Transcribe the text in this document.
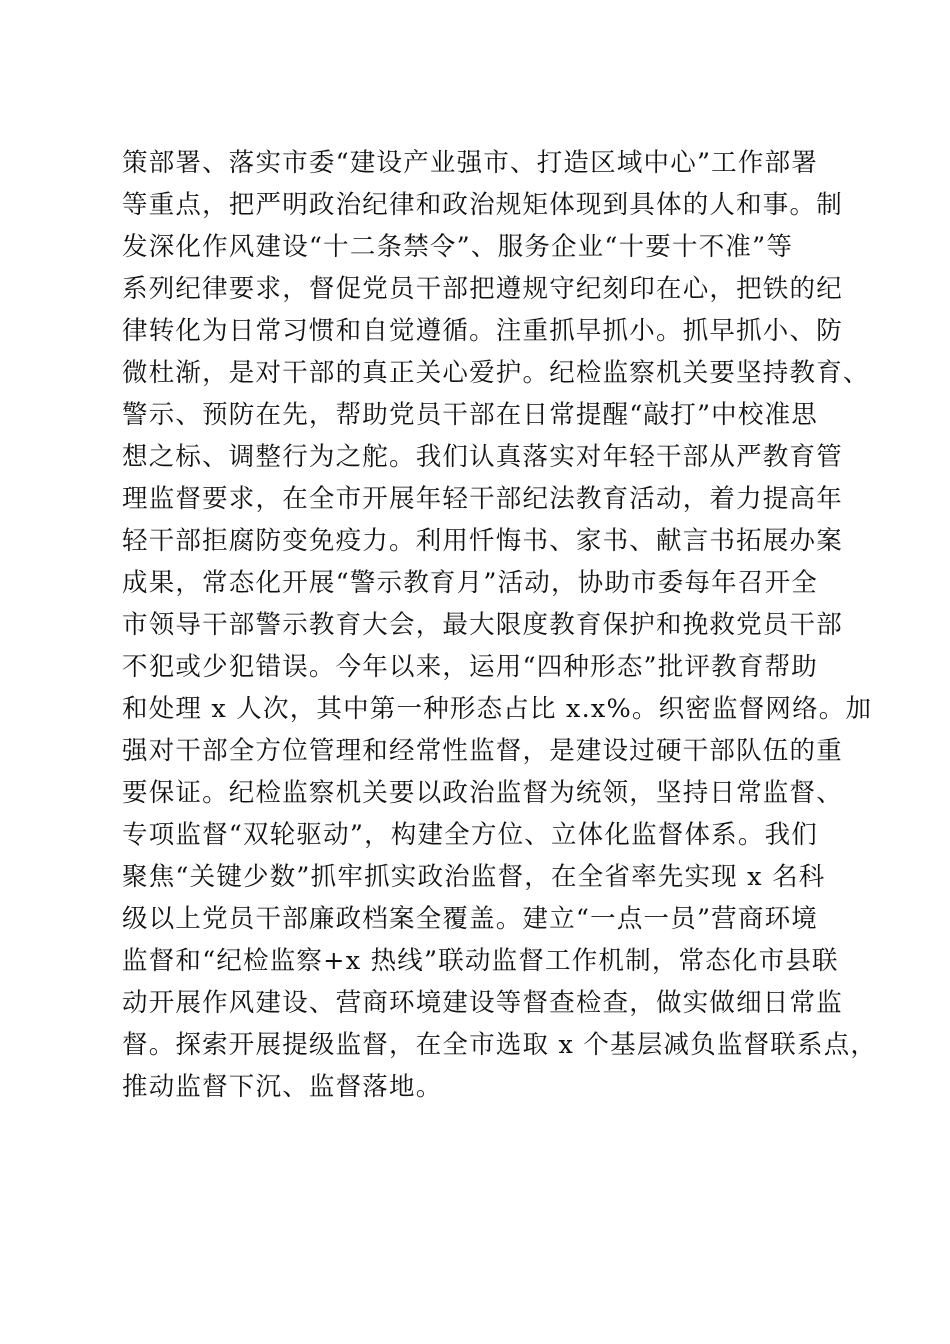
策部署、落实市委“建设产业强市、打造区域中心”工作部署
等重点，把严明政治纪律和政治规矩体现到具体的人和事。制
发深化作风建设“十二条禁令”、服务企业“十要十不准”等
系列纪律要求，督促党员干部把遵规守纪刻印在心，把铁的纪
律转化为日常习惯和自觉遵循。注重抓早抓小。抓早抓小、防
微杜渐，是对干部的真正关心爱护。纪检监察机关要坚持教育、
警示、预防在先，帮助党员干部在日常提醒“敲打”中校准思
想之标、调整行为之舵。我们认真落实对年轻干部从严教育管
理监督要求，在全市开展年轻干部纪法教育活动，着力提高年
轻干部拒腐防变免疫力。利用忏悔书、家书、献言书拓展办案
成果，常态化开展“警示教育月”活动，协助市委每年召开全
市领导干部警示教育大会，最大限度教育保护和挽救党员干部
不犯或少犯错误。今年以来，运用“四种形态”批评教育帮助
和处理 x 人次，其中第一种形态占比 x.x%。织密监督网络。加
强对干部全方位管理和经常性监督，是建设过硬干部队伍的重
要保证。纪检监察机关要以政治监督为统领，坚持日常监督、
专项监督“双轮驱动”，构建全方位、立体化监督体系。我们
聚焦“关键少数”抓牢抓实政治监督，在全省率先实现 x 名科
级以上党员干部廉政档案全覆盖。建立“一点一员”营商环境
监督和“纪检监察+x 热线”联动监督工作机制，常态化市县联
动开展作风建设、营商环境建设等督查检查，做实做细日常监
督。探索开展提级监督，在全市选取 x 个基层减负监督联系点，
推动监督下沉、监督落地。
